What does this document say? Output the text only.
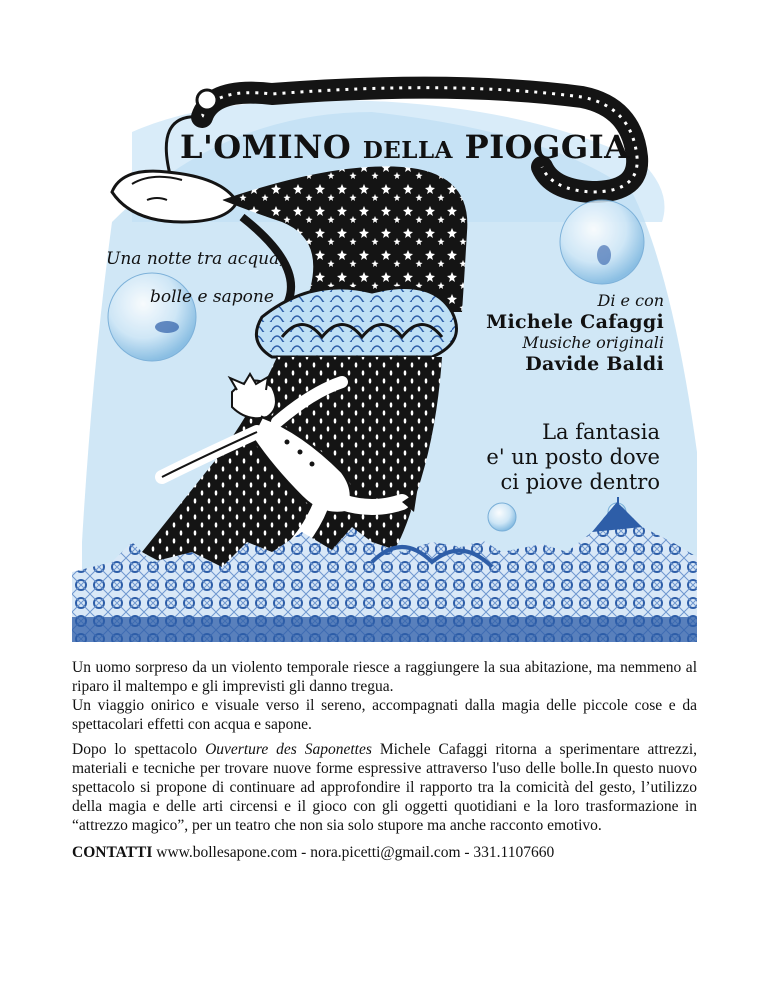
L'OMINO DELLA PIOGGIA

Una notte tra acqua,

bolle e sapone	Di e con
Michele Cafaggi
Musiche originali
Davide Baldi
La fantasia
e' un posto dove
ci piove dentro

Un uomo sorpreso da un violento temporale riesce a raggiungere la sua abitazione, ma nemmeno al riparo il maltempo e gli imprevisti gli danno tregua.

Un viaggio onirico e visuale verso il sereno, accompagnati dalla magia delle piccole cose e da spettacolari effetti con acqua e sapone.

Dopo lo spettacolo Ouverture des Saponettes Michele Cafaggi ritorna a sperimentare attrezzi, materiali e tecniche per trovare nuove forme espressive attraverso l'uso delle bolle.In questo nuovo spettacolo si propone di continuare ad approfondire il rapporto tra la comicità del gesto, l’utilizzo della magia e delle arti circensi e il gioco con gli oggetti quotidiani e la loro trasformazione in “attrezzo magico”, per un teatro che non sia solo stupore ma anche racconto emotivo.

CONTATTI www.bollesapone.com - nora.picetti@gmail.com - 331.1107660
